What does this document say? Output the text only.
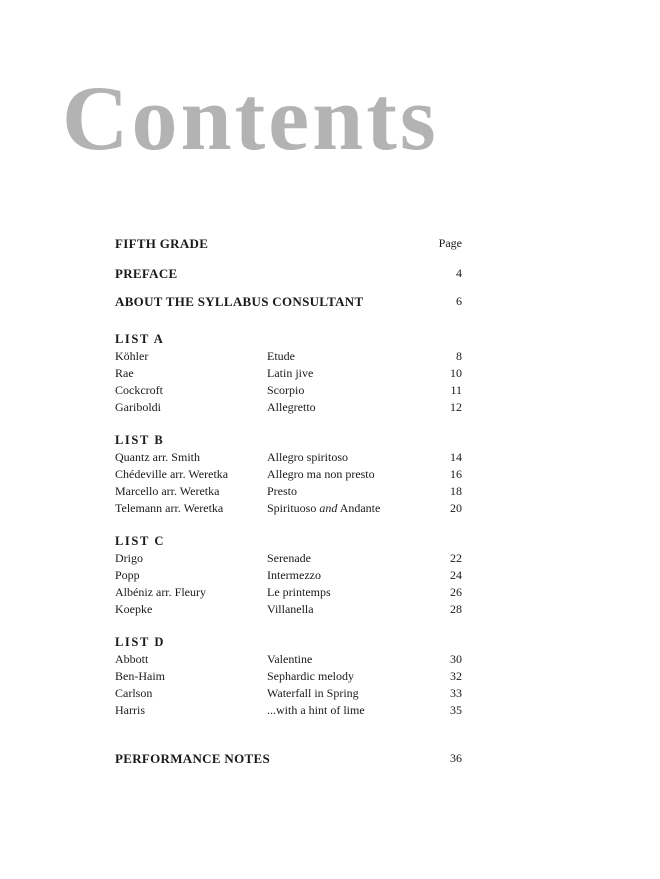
Contents
FIFTH GRADE	Page
PREFACE	4
ABOUT THE SYLLABUS CONSULTANT	6
LIST A
Köhler	Etude	8
Rae	Latin jive	10
Cockcroft	Scorpio	11
Gariboldi	Allegretto	12
LIST B
Quantz arr. Smith	Allegro spiritoso	14
Chédeville arr. Weretka	Allegro ma non presto	16
Marcello arr. Weretka	Presto	18
Telemann arr. Weretka	Spirituoso and Andante	20
LIST C
Drigo	Serenade	22
Popp	Intermezzo	24
Albéniz arr. Fleury	Le printemps	26
Koepke	Villanella	28
LIST D
Abbott	Valentine	30
Ben-Haim	Sephardic melody	32
Carlson	Waterfall in Spring	33
Harris	...with a hint of lime	35
PERFORMANCE NOTES	36
